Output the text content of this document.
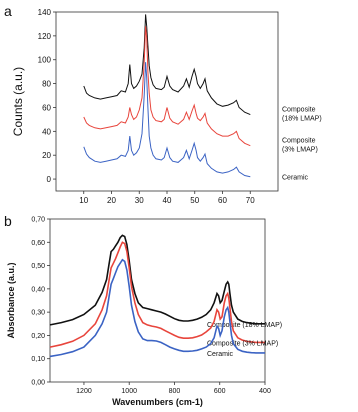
a
10 20 30 40 50 60 70
0
20
40
60
80
100
120
140
Counts (a.u.)	Composite
(18% LMAP)
Composite
(3% LMAP)
Ceramic
b
1200	1000	800	600	400
0,00
0,10
0,20
0,30
0,40
0,50
0,60
0,70
Wavenumbers (cm-1)
Absorbance (a.u.)	Composite (18% LMAP)
Composite (3% LMAP)
Ceramic
